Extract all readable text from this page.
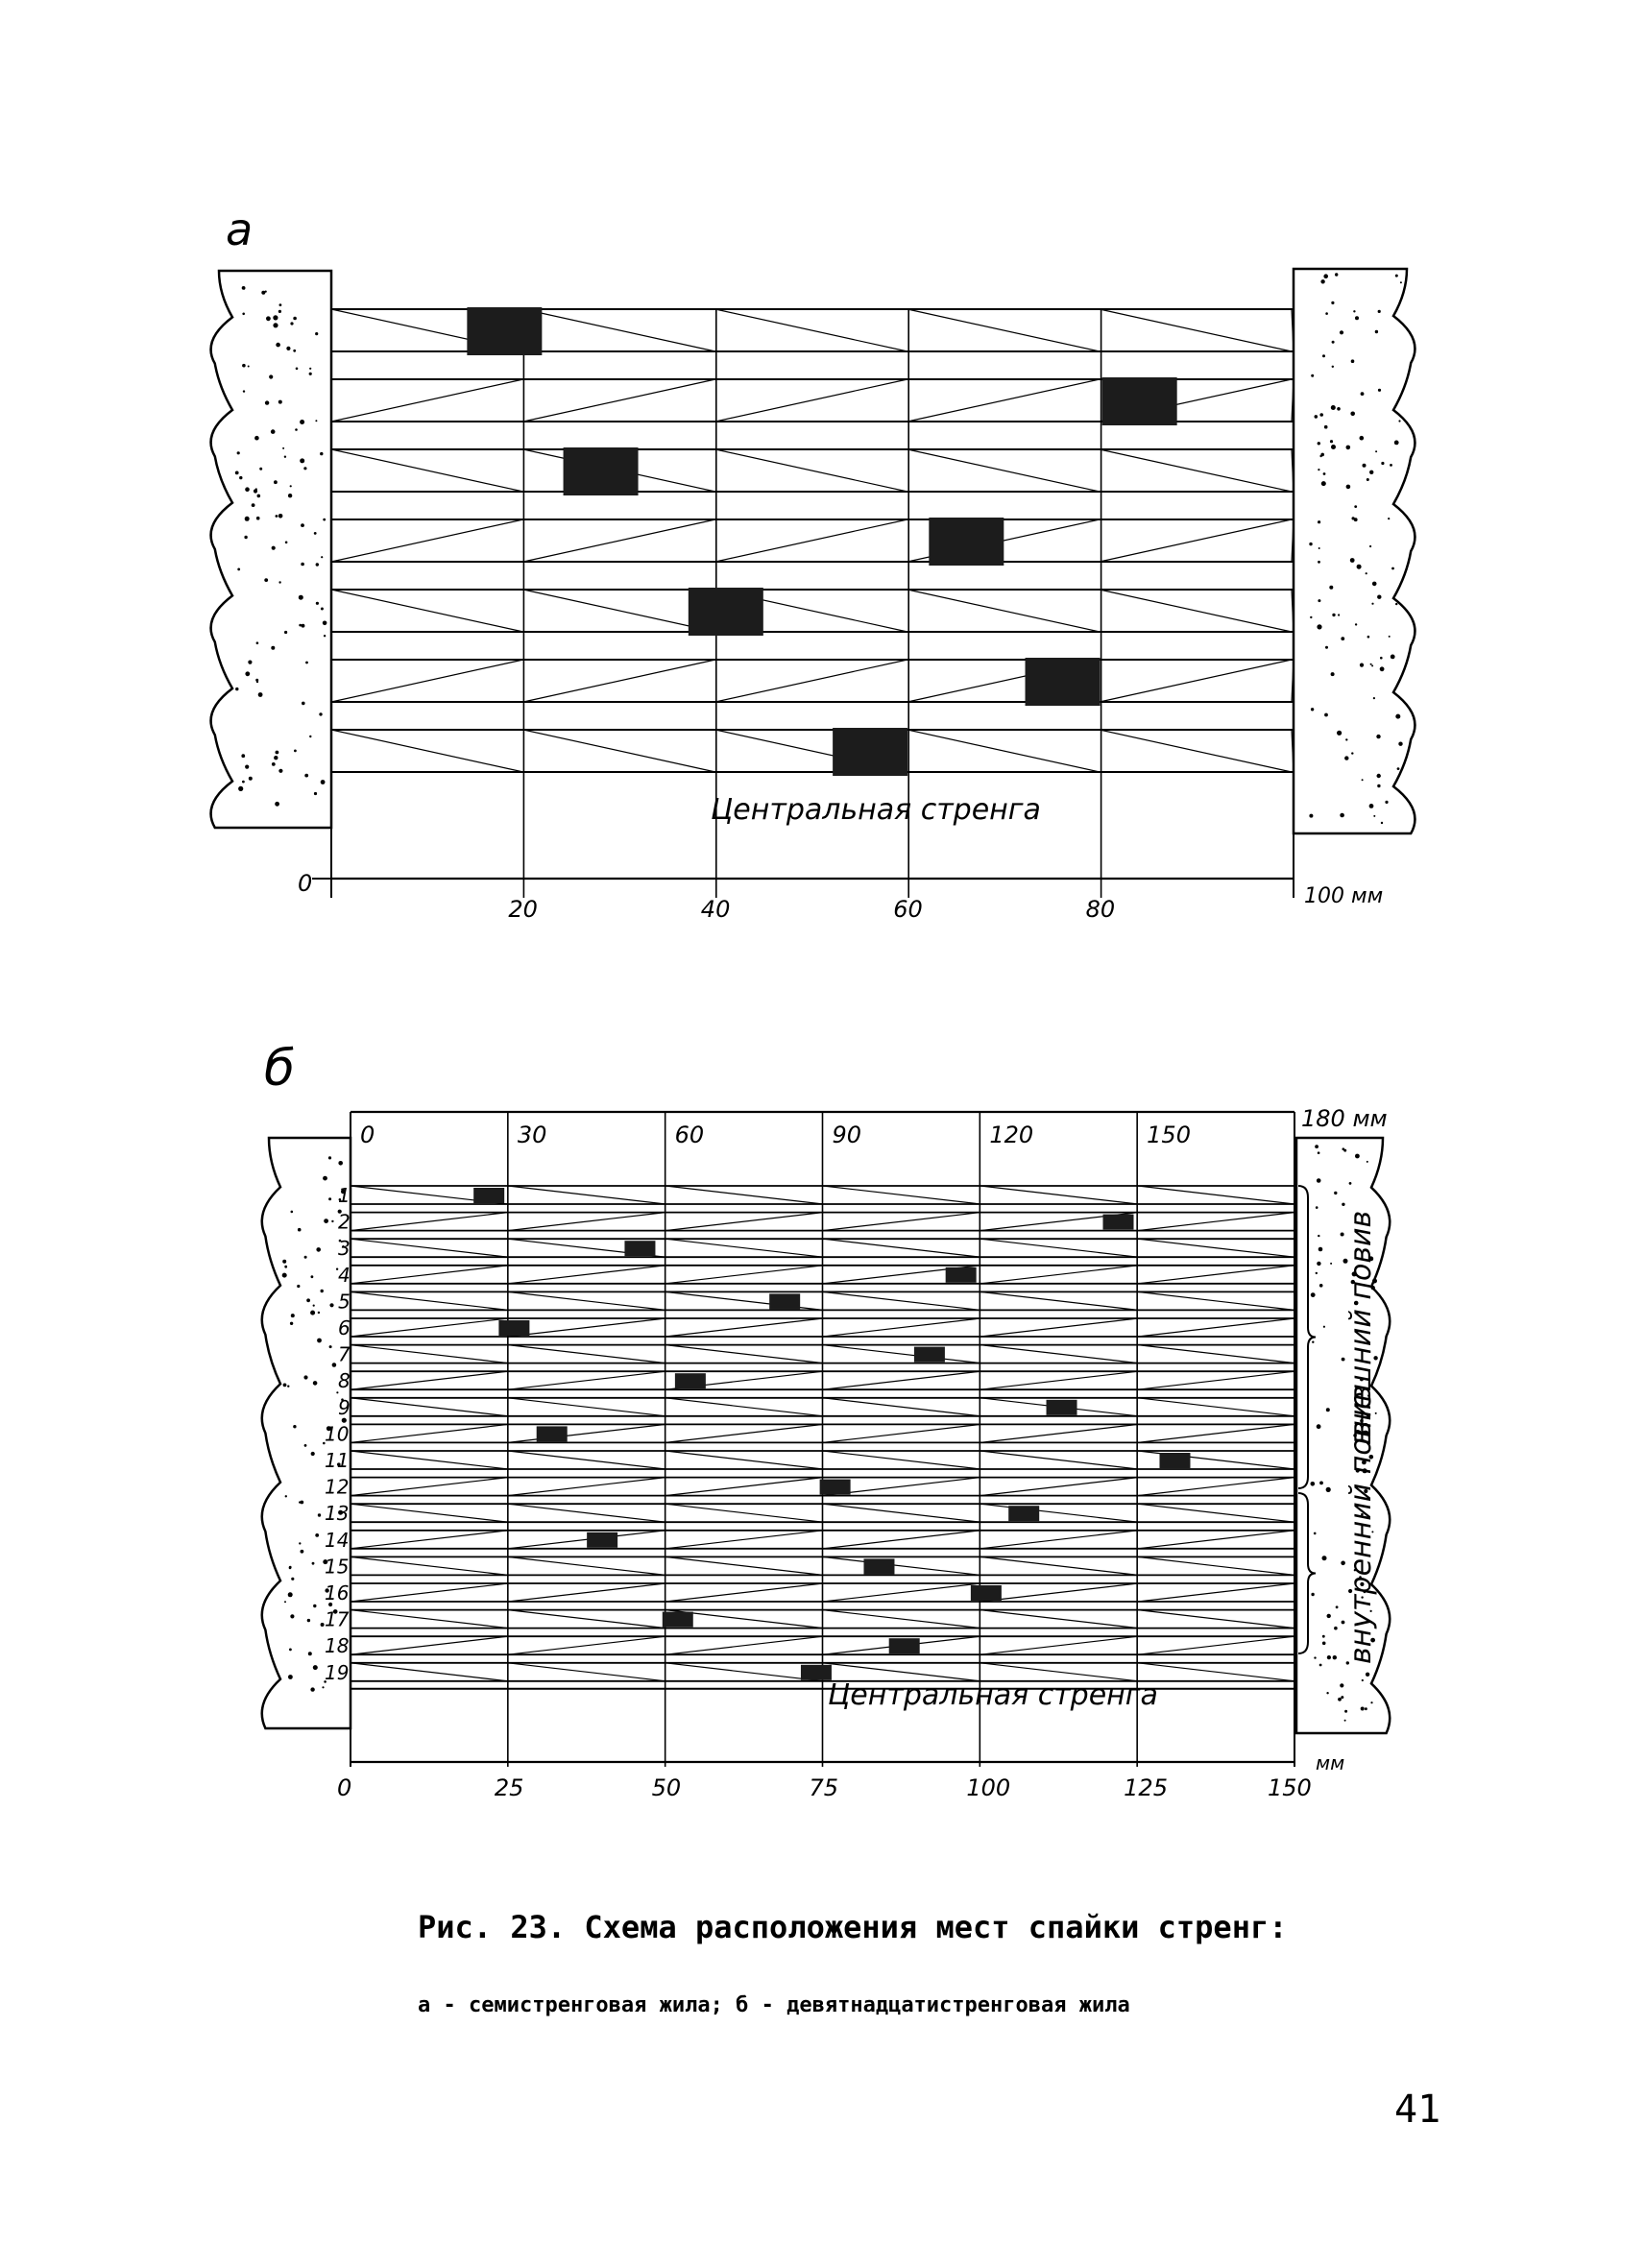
а
Центральная стренга
0	100 мм
20	40	60	80
б
1
2
3
4
5
6
7
8
9
10
11
12
13
14
15
16
17
18
19
180 мм
0	30	60	90	120	150
мм
0	25	50	75	100	125	150
Центральная стренга
внешний повив
внутренний повив
Рис. 23. Схема расположения мест спайки стренг:
а - семистренговая жила; б - девятнадцатистренговая жила
41
